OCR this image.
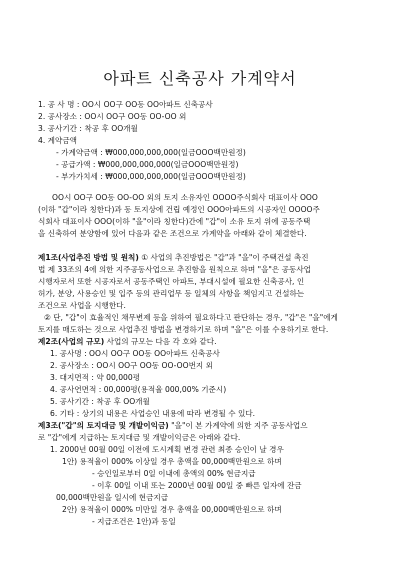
아파트 신축공사 가계약서
1. 공 사 명 : OO시 OO구 OO동 OO아파트 신축공사
2. 공사장소 : OO시 OO구 OO동 OO-OO 외
3. 공사기간 : 착공 후 OO개월
4. 계약금액
- 가계약금액 : ₩000,000,000,000(일금OOO백만원정)
- 공급가액 : ₩000,000,000,000(일금OOO백만원정)
- 부가가치세 : ₩000,000,000,000(일금OOO백만원정)
OO시 OO구 OO동 OO-OO 외의 토지 소유자인 OOOO주식회사 대표이사 OOO
(이하 "갑"이라 칭한다)과 동 토지상에 건립 예정인 OOO아파트의 시공자인 OOOO주
식회사 대표이사 OOO(이하 "을"이라 칭한다)간에 "갑"이 소유 토지 위에 공동주택
을 신축하여 분양함에 있어 다음과 같은 조건으로 가계약을 아래와 같이 체결한다.
제1조(사업추진 방법 및 원칙) ① 사업의 추진방법은 "갑"과 "을"이 주택건설 촉진
법 제 33조의 4에 의한 지주공동사업으로 추진함을 원칙으로 하며 "을"은 공동사업
시행자로서 또한 시공자로서 공동주택인 아파트, 부대시설에 필요한 신축공사, 인
허가, 분양, 사용승인 및 입주 등의 관리업무 등 일체의 사항을 책임지고 건설하는
조건으로 사업을 시행한다.
② 단, "갑"이 효율적인 채무변제 등을 위하여 필요하다고 판단하는 경우, "갑"은 "을"에게
토지를 매도하는 것으로 사업추진 방법을 변경하기로 하며 "을"은 이를 수용하기로 한다.
제2조(사업의 규모) 사업의 규모는 다음 각 호와 같다.
1. 공사명 : OO시 OO구 OO동 OO아파트 신축공사
2. 공사장소 : OO시 OO구 OO동 OO-OO번지 외
3. 대지면적 : 약 00,000평
4. 공사연면적 : 00,000평(용적율 000,00% 기준시)
5. 공사기간 : 착공 후 OO개월
6. 기타 : 상기의 내용은 사업승인 내용에 따라 변경될 수 있다.
제3조("갑"의 토지대금 및 개발이익금) "을"이 본 가계약에 의한 지주 공동사업으
로 "갑"에게 지급하는 토지대금 및 개발이익금은 아래와 같다.
1. 2000년 00월 00일 이전에 도시계획 변경 관련 최종 승인이 날 경우
1안) 용적율이 000% 이상일 경우 총액을 00,000백만원으로 하며
- 승인일로부터 0일 이내에 총액의 00% 현금지급
- 이후 00일 이내 또는 2000년 00월 00일 중 빠른 일자에 잔금
00,000백만원을 일시에 현금지급
2안) 용적율이 000% 미만일 경우 총액을 00,000백만원으로 하며
- 지급조건은 1안)과 동일
